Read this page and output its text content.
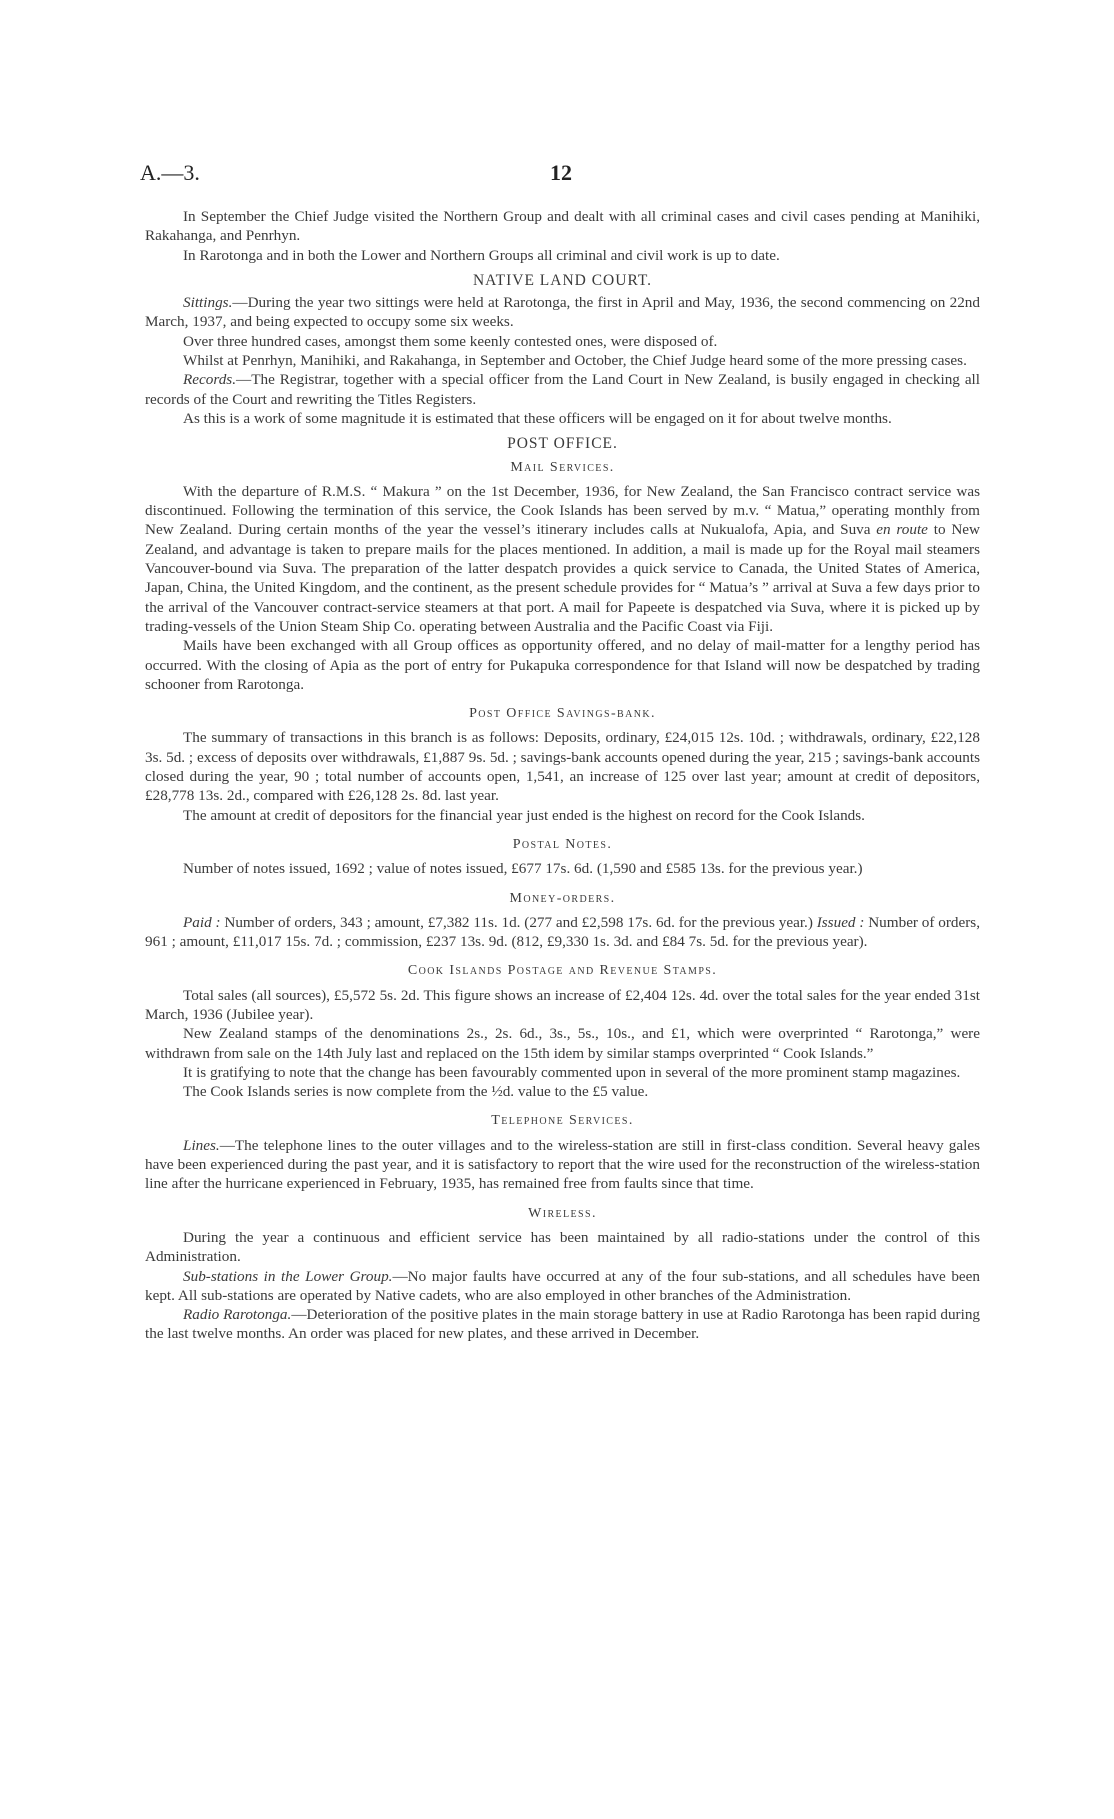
A.—3.	12

In September the Chief Judge visited the Northern Group and dealt with all criminal cases and civil cases pending at Manihiki, Rakahanga, and Penrhyn.

In Rarotonga and in both the Lower and Northern Groups all criminal and civil work is up to date.

NATIVE LAND COURT.

Sittings.—During the year two sittings were held at Rarotonga, the first in April and May, 1936, the second commencing on 22nd March, 1937, and being expected to occupy some six weeks.

Over three hundred cases, amongst them some keenly contested ones, were disposed of.

Whilst at Penrhyn, Manihiki, and Rakahanga, in September and October, the Chief Judge heard some of the more pressing cases.

Records.—The Registrar, together with a special officer from the Land Court in New Zealand, is busily engaged in checking all records of the Court and rewriting the Titles Registers.

As this is a work of some magnitude it is estimated that these officers will be engaged on it for about twelve months.

POST OFFICE.
Mail Services.

With the departure of R.M.S. “ Makura ” on the 1st December, 1936, for New Zealand, the San Francisco contract service was discontinued. Following the termination of this service, the Cook Islands has been served by m.v. “ Matua,” operating monthly from New Zealand. During certain months of the year the vessel’s itinerary includes calls at Nukualofa, Apia, and Suva en route to New Zealand, and advantage is taken to prepare mails for the places mentioned. In addition, a mail is made up for the Royal mail steamers Vancouver-bound via Suva. The preparation of the latter despatch provides a quick service to Canada, the United States of America, Japan, China, the United Kingdom, and the continent, as the present schedule provides for “ Matua’s ” arrival at Suva a few days prior to the arrival of the Vancouver contract-service steamers at that port. A mail for Papeete is despatched via Suva, where it is picked up by trading-vessels of the Union Steam Ship Co. operating between Australia and the Pacific Coast via Fiji.

Mails have been exchanged with all Group offices as opportunity offered, and no delay of mail-matter for a lengthy period has occurred. With the closing of Apia as the port of entry for Pukapuka correspondence for that Island will now be despatched by trading schooner from Rarotonga.

Post Office Savings-bank.

The summary of transactions in this branch is as follows: Deposits, ordinary, £24,015 12s. 10d. ; withdrawals, ordinary, £22,128 3s. 5d. ; excess of deposits over withdrawals, £1,887 9s. 5d. ; savings-bank accounts opened during the year, 215 ; savings-bank accounts closed during the year, 90 ; total number of accounts open, 1,541, an increase of 125 over last year; amount at credit of depositors, £28,778 13s. 2d., compared with £26,128 2s. 8d. last year.

The amount at credit of depositors for the financial year just ended is the highest on record for the Cook Islands.

Postal Notes.

Number of notes issued, 1692 ; value of notes issued, £677 17s. 6d. (1,590 and £585 13s. for the previous year.)

Money-orders.

Paid : Number of orders, 343 ; amount, £7,382 11s. 1d. (277 and £2,598 17s. 6d. for the previous year.) Issued : Number of orders, 961 ; amount, £11,017 15s. 7d. ; commission, £237 13s. 9d. (812, £9,330 1s. 3d. and £84 7s. 5d. for the previous year).

Cook Islands Postage and Revenue Stamps.

Total sales (all sources), £5,572 5s. 2d. This figure shows an increase of £2,404 12s. 4d. over the total sales for the year ended 31st March, 1936 (Jubilee year).

New Zealand stamps of the denominations 2s., 2s. 6d., 3s., 5s., 10s., and £1, which were overprinted “ Rarotonga,” were withdrawn from sale on the 14th July last and replaced on the 15th idem by similar stamps overprinted “ Cook Islands.”

It is gratifying to note that the change has been favourably commented upon in several of the more prominent stamp magazines.

The Cook Islands series is now complete from the ½d. value to the £5 value.

Telephone Services.

Lines.—The telephone lines to the outer villages and to the wireless-station are still in first-class condition. Several heavy gales have been experienced during the past year, and it is satisfactory to report that the wire used for the reconstruction of the wireless-station line after the hurricane experienced in February, 1935, has remained free from faults since that time.

Wireless.

During the year a continuous and efficient service has been maintained by all radio-stations under the control of this Administration.

Sub-stations in the Lower Group.—No major faults have occurred at any of the four sub-stations, and all schedules have been kept. All sub-stations are operated by Native cadets, who are also employed in other branches of the Administration.

Radio Rarotonga.—Deterioration of the positive plates in the main storage battery in use at Radio Rarotonga has been rapid during the last twelve months. An order was placed for new plates, and these arrived in December.
